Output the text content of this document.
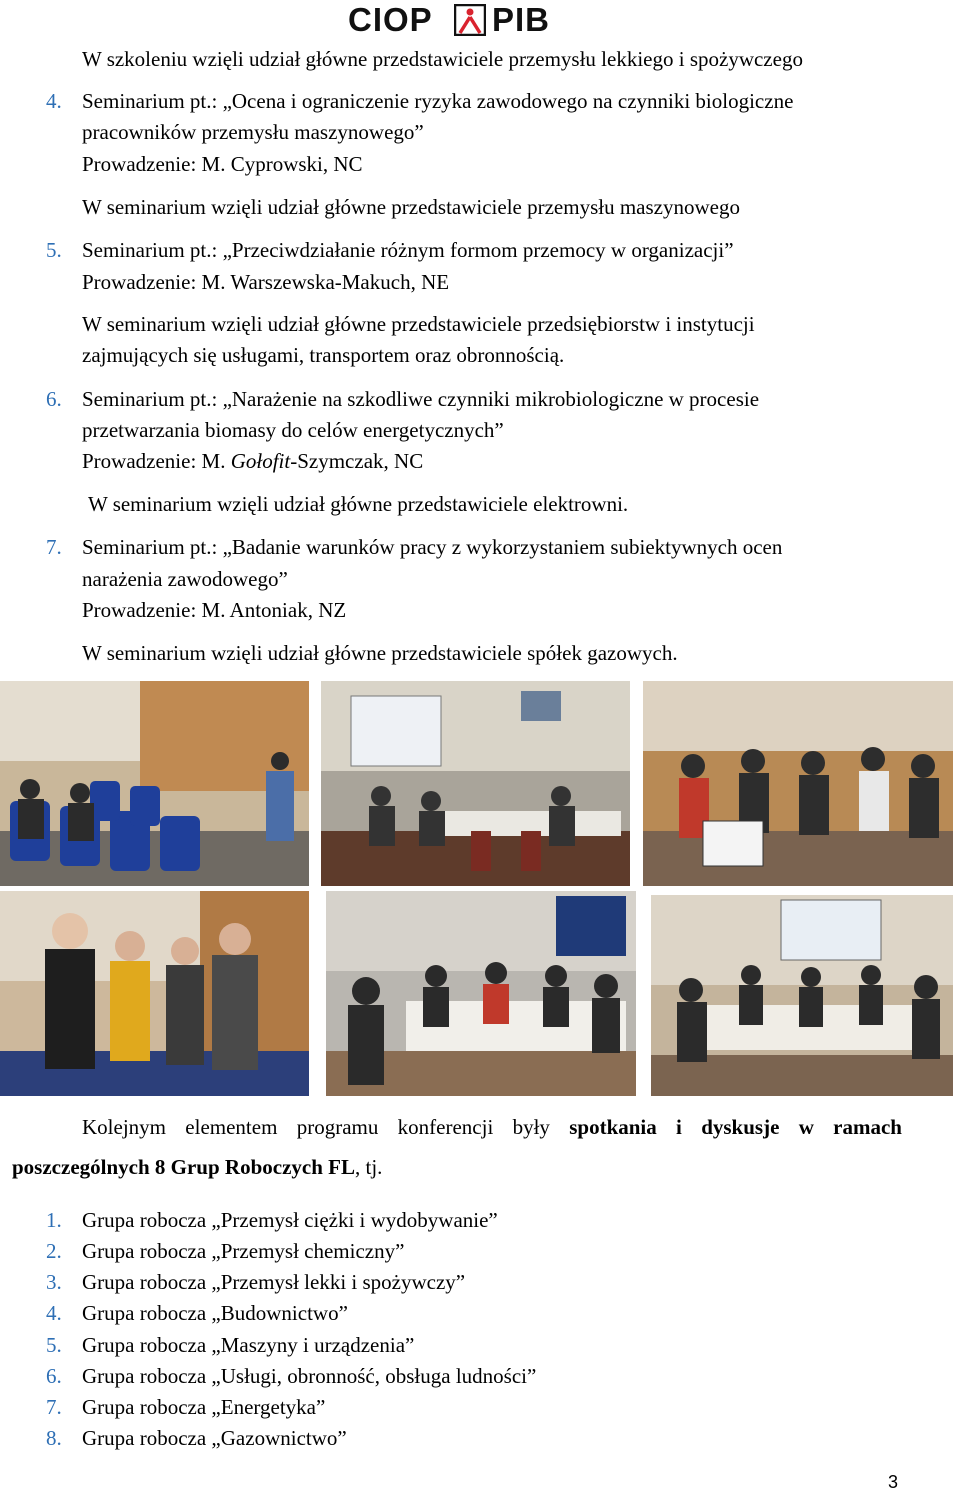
CIOP PIB
W szkoleniu wzięli udział główne przedstawiciele przemysłu lekkiego i spożywczego
4. Seminarium pt.: „Ocena i ograniczenie ryzyka zawodowego na czynniki biologiczne
pracowników przemysłu maszynowego”
Prowadzenie: M. Cyprowski, NC
W seminarium wzięli udział główne przedstawiciele przemysłu maszynowego
5. Seminarium pt.: „Przeciwdziałanie różnym formom przemocy w organizacji”
Prowadzenie: M. Warszewska-Makuch, NE
W seminarium wzięli udział główne przedstawiciele przedsiębiorstw i instytucji
zajmujących się usługami, transportem oraz obronnością.
6. Seminarium pt.: „Narażenie na szkodliwe czynniki mikrobiologiczne w procesie
przetwarzania biomasy do celów energetycznych”
Prowadzenie: M. Gołofit-Szymczak, NC
W seminarium wzięli udział główne przedstawiciele elektrowni.
7. Seminarium pt.: „Badanie warunków pracy z wykorzystaniem subiektywnych ocen
narażenia zawodowego”
Prowadzenie: M. Antoniak, NZ
W seminarium wzięli udział główne przedstawiciele spółek gazowych.
Kolejnym elementem programu konferencji były spotkania i dyskusje w ramach
poszczególnych 8 Grup Roboczych FL, tj.
1. Grupa robocza „Przemysł ciężki i wydobywanie”
2. Grupa robocza „Przemysł chemiczny”
3. Grupa robocza „Przemysł lekki i spożywczy”
4. Grupa robocza „Budownictwo”
5. Grupa robocza „Maszyny i urządzenia”
6. Grupa robocza „Usługi, obronność, obsługa ludności”
7. Grupa robocza „Energetyka”
8. Grupa robocza „Gazownictwo”
3
